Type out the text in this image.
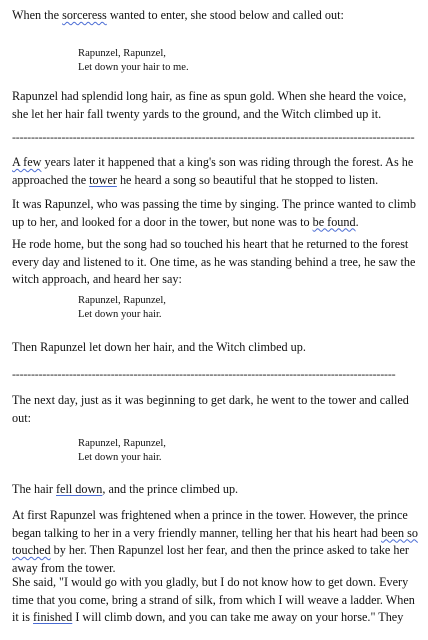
When the sorceress wanted to enter, she stood below and called out:

Rapunzel, Rapunzel,
Let down your hair to me.

Rapunzel had splendid long hair, as fine as spun gold. When she heard the voice,
she let her hair fall twenty yards to the ground, and the Witch climbed up it.

----------------------------------------------------------------------------------------------------------

A few years later it happened that a king's son was riding through the forest. As he
approached the tower he heard a song so beautiful that he stopped to listen.

It was Rapunzel, who was passing the time by singing. The prince wanted to climb
up to her, and looked for a door in the tower, but none was to be found.

He rode home, but the song had so touched his heart that he returned to the forest
every day and listened to it. One time, as he was standing behind a tree, he saw the
witch approach, and heard her say:

Rapunzel, Rapunzel,
Let down your hair.

Then Rapunzel let down her hair, and the Witch climbed up.

-----------------------------------------------------------------------------------------------------

The next day, just as it was beginning to get dark, he went to the tower and called
out:

Rapunzel, Rapunzel,
Let down your hair.

The hair fell down, and the prince climbed up.

At first Rapunzel was frightened when a prince in the tower. However, the prince
began talking to her in a very friendly manner, telling her that his heart had been so
touched by her. Then Rapunzel lost her fear, and then the prince asked to take her
away from the tower.

She said, "I would go with you gladly, but I do not know how to get down. Every
time that you come, bring a strand of silk, from which I will weave a ladder. When
it is finished I will climb down, and you can take me away on your horse." They
